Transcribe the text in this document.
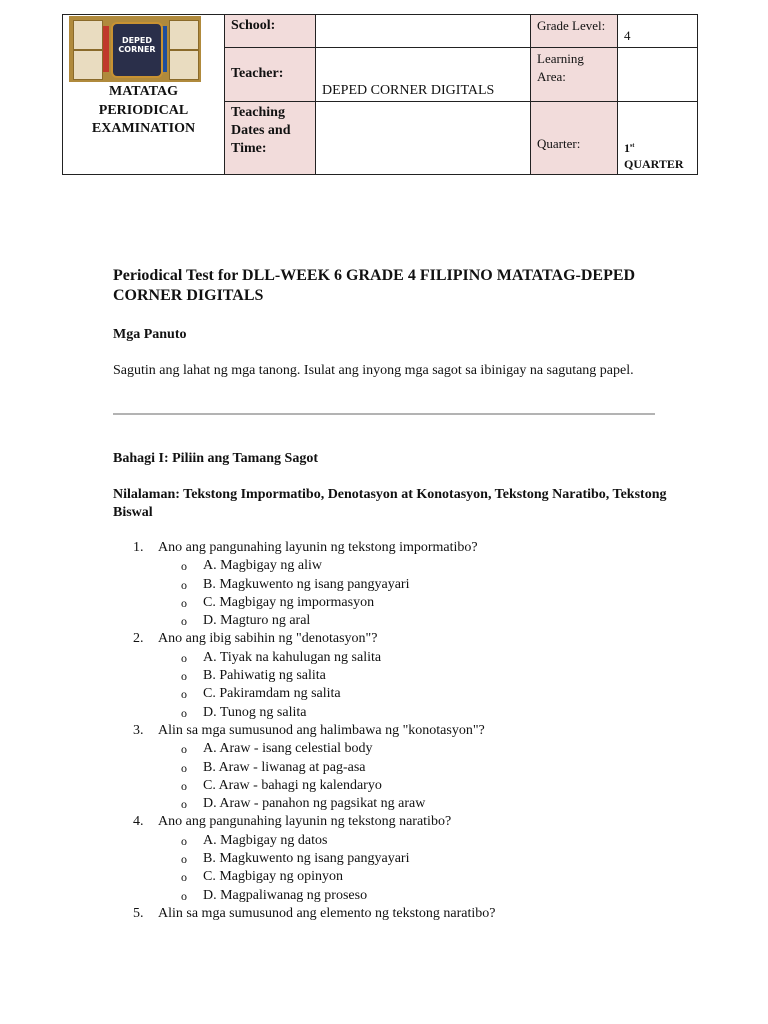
DEPED CORNER
MATATAG PERIODICAL EXAMINATION	School:		Grade Level:	4
	Teacher:	DEPED CORNER DIGITALS	Learning Area:	
	Teaching Dates and Time:		Quarter:	1st
QUARTER
Periodical Test for DLL-WEEK 6 GRADE 4 FILIPINO MATATAG-DEPED CORNER DIGITALS
Mga Panuto
Sagutin ang lahat ng mga tanong. Isulat ang inyong mga sagot sa ibinigay na sagutang papel.
Bahagi I: Piliin ang Tamang Sagot
Nilalaman: Tekstong Impormatibo, Denotasyon at Konotasyon, Tekstong Naratibo, Tekstong Biswal
1. Ano ang pangunahing layunin ng tekstong impormatibo?
o A. Magbigay ng aliw
o B. Magkuwento ng isang pangyayari
o C. Magbigay ng impormasyon
o D. Magturo ng aral
2. Ano ang ibig sabihin ng "denotasyon"?
o A. Tiyak na kahulugan ng salita
o B. Pahiwatig ng salita
o C. Pakiramdam ng salita
o D. Tunog ng salita
3. Alin sa mga sumusunod ang halimbawa ng "konotasyon"?
o A. Araw - isang celestial body
o B. Araw - liwanag at pag-asa
o C. Araw - bahagi ng kalendaryo
o D. Araw - panahon ng pagsikat ng araw
4. Ano ang pangunahing layunin ng tekstong naratibo?
o A. Magbigay ng datos
o B. Magkuwento ng isang pangyayari
o C. Magbigay ng opinyon
o D. Magpaliwanag ng proseso
5. Alin sa mga sumusunod ang elemento ng tekstong naratibo?
